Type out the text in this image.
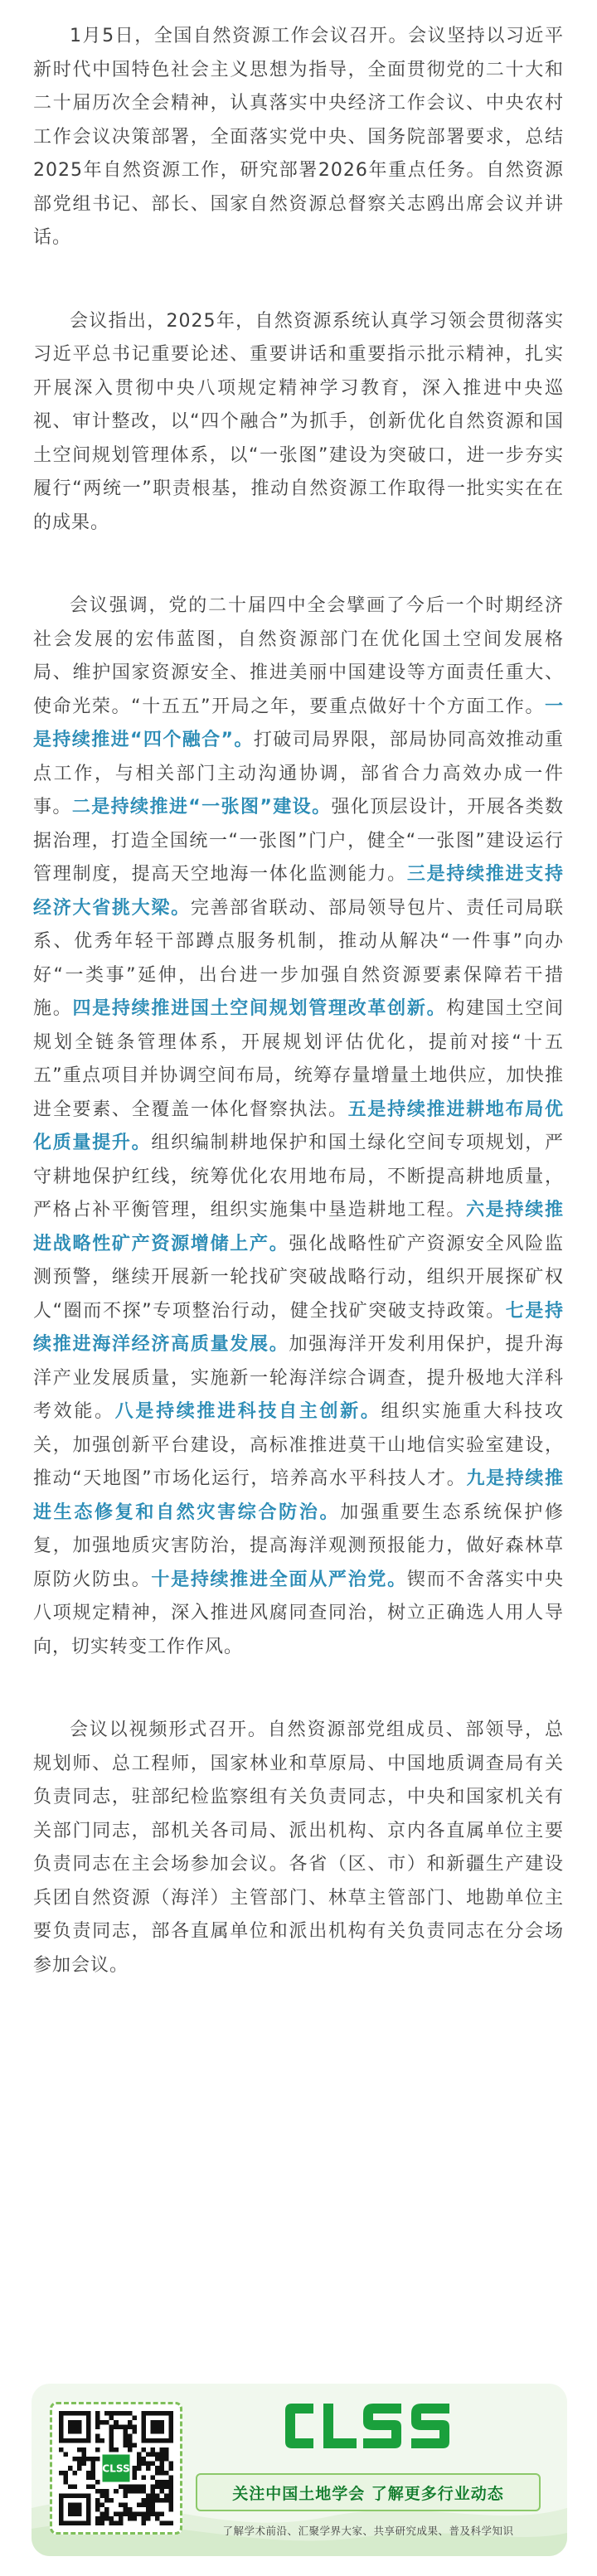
1月5日，全国自然资源工作会议召开。会议坚持以习近平新时代中国特色社会主义思想为指导，全面贯彻党的二十大和二十届历次全会精神，认真落实中央经济工作会议、中央农村工作会议决策部署，全面落实党中央、国务院部署要求，总结2025年自然资源工作，研究部署2026年重点任务。自然资源部党组书记、部长、国家自然资源总督察关志鸥出席会议并讲话。

会议指出，2025年，自然资源系统认真学习领会贯彻落实习近平总书记重要论述、重要讲话和重要指示批示精神，扎实开展深入贯彻中央八项规定精神学习教育，深入推进中央巡视、审计整改，以“四个融合”为抓手，创新优化自然资源和国土空间规划管理体系，以“一张图”建设为突破口，进一步夯实履行“两统一”职责根基，推动自然资源工作取得一批实实在在的成果。

会议强调，党的二十届四中全会擘画了今后一个时期经济社会发展的宏伟蓝图，自然资源部门在优化国土空间发展格局、维护国家资源安全、推进美丽中国建设等方面责任重大、使命光荣。“十五五”开局之年，要重点做好十个方面工作。一是持续推进“四个融合”。打破司局界限，部局协同高效推动重点工作，与相关部门主动沟通协调，部省合力高效办成一件事。二是持续推进“一张图”建设。强化顶层设计，开展各类数据治理，打造全国统一“一张图”门户，健全“一张图”建设运行管理制度，提高天空地海一体化监测能力。三是持续推进支持经济大省挑大梁。完善部省联动、部局领导包片、责任司局联系、优秀年轻干部蹲点服务机制，推动从解决“一件事”向办好“一类事”延伸，出台进一步加强自然资源要素保障若干措施。四是持续推进国土空间规划管理改革创新。构建国土空间规划全链条管理体系，开展规划评估优化，提前对接“十五五”重点项目并协调空间布局，统筹存量增量土地供应，加快推进全要素、全覆盖一体化督察执法。五是持续推进耕地布局优化质量提升。组织编制耕地保护和国土绿化空间专项规划，严守耕地保护红线，统筹优化农用地布局，不断提高耕地质量，严格占补平衡管理，组织实施集中垦造耕地工程。六是持续推进战略性矿产资源增储上产。强化战略性矿产资源安全风险监测预警，继续开展新一轮找矿突破战略行动，组织开展探矿权人“圈而不探”专项整治行动，健全找矿突破支持政策。七是持续推进海洋经济高质量发展。加强海洋开发利用保护，提升海洋产业发展质量，实施新一轮海洋综合调查，提升极地大洋科考效能。八是持续推进科技自主创新。组织实施重大科技攻关，加强创新平台建设，高标准推进莫干山地信实验室建设，推动“天地图”市场化运行，培养高水平科技人才。九是持续推进生态修复和自然灾害综合防治。加强重要生态系统保护修复，加强地质灾害防治，提高海洋观测预报能力，做好森林草原防火防虫。十是持续推进全面从严治党。锲而不舍落实中央八项规定精神，深入推进风腐同查同治，树立正确选人用人导向，切实转变工作作风。

会议以视频形式召开。自然资源部党组成员、部领导，总规划师、总工程师，国家林业和草原局、中国地质调查局有关负责同志，驻部纪检监察组有关负责同志，中央和国家机关有关部门同志，部机关各司局、派出机构、京内各直属单位主要负责同志在主会场参加会议。各省（区、市）和新疆生产建设兵团自然资源（海洋）主管部门、林草主管部门、地勘单位主要负责同志，部各直属单位和派出机构有关负责同志在分会场参加会议。

CLSS
关注中国土地学会 了解更多行业动态
了解学术前沿、汇聚学界大家、共享研究成果、普及科学知识
